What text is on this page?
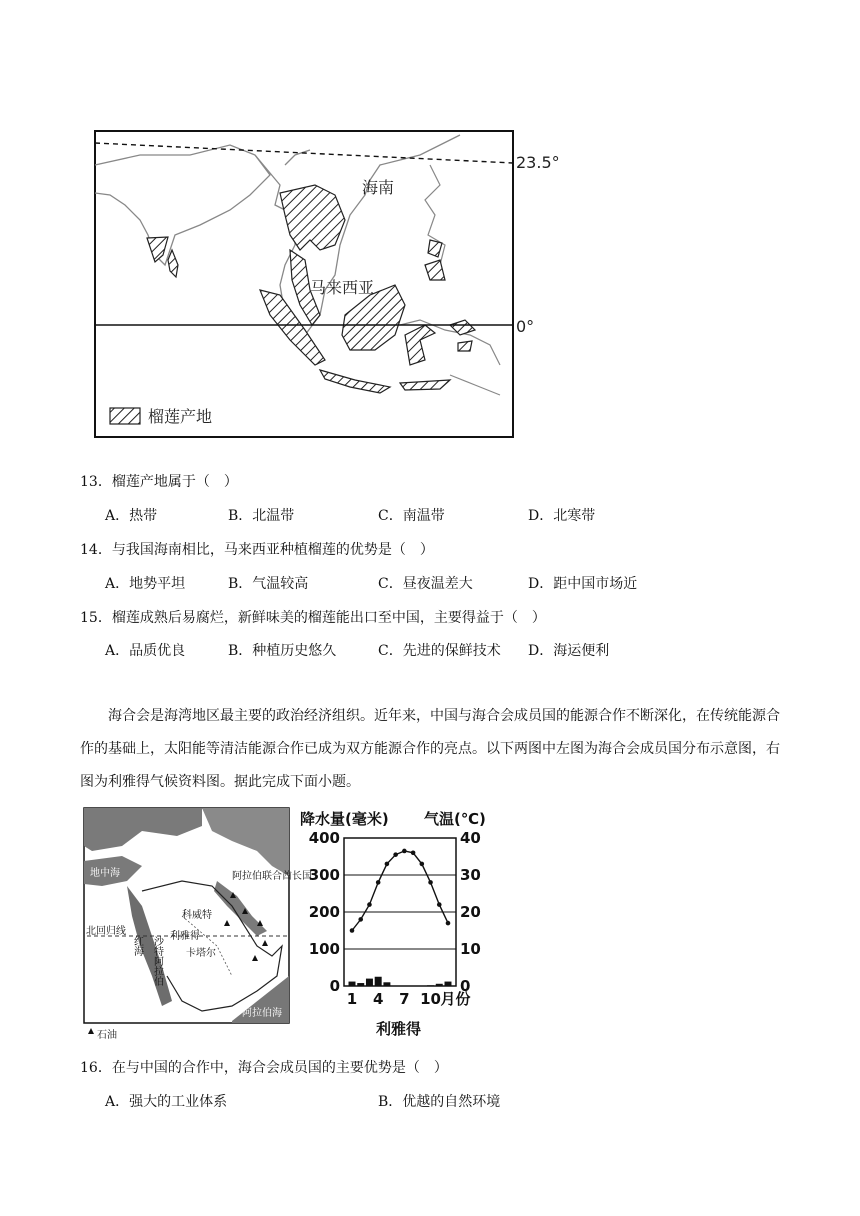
23.5°
0°
海南
马来西亚
榴莲产地
13．榴莲产地属于（　）
A．热带	B．北温带	C．南温带	D．北寒带
14．与我国海南相比，马来西亚种植榴莲的优势是（　）
A．地势平坦	B．气温较高	C．昼夜温差大	D．距中国市场近
15．榴莲成熟后易腐烂，新鲜味美的榴莲能出口至中国，主要得益于（　）
A．品质优良	B．种植历史悠久	C．先进的保鲜技术 D．海运便利
海合会是海湾地区最主要的政治经济组织。近年来，中国与海合会成员国的能源合作不断深化，在传统能源合作的基础上，太阳能等清洁能源合作已成为双方能源合作的亮点。以下两图中左图为海合会成员国分布示意图，右图为利雅得气候资料图。据此完成下面小题。
地中海
科威特
阿拉伯联合酋长国
利雅得
卡塔尔
北回归线
红海 沙特阿拉伯
阿拉伯海
石油
降水量(毫米) 气温(℃)
0
100
200
300
400
0
10
20
30
40
1 4 7 10 月份
利雅得
16．在与中国的合作中，海合会成员国的主要优势是（　）
A．强大的工业体系	B．优越的自然环境
